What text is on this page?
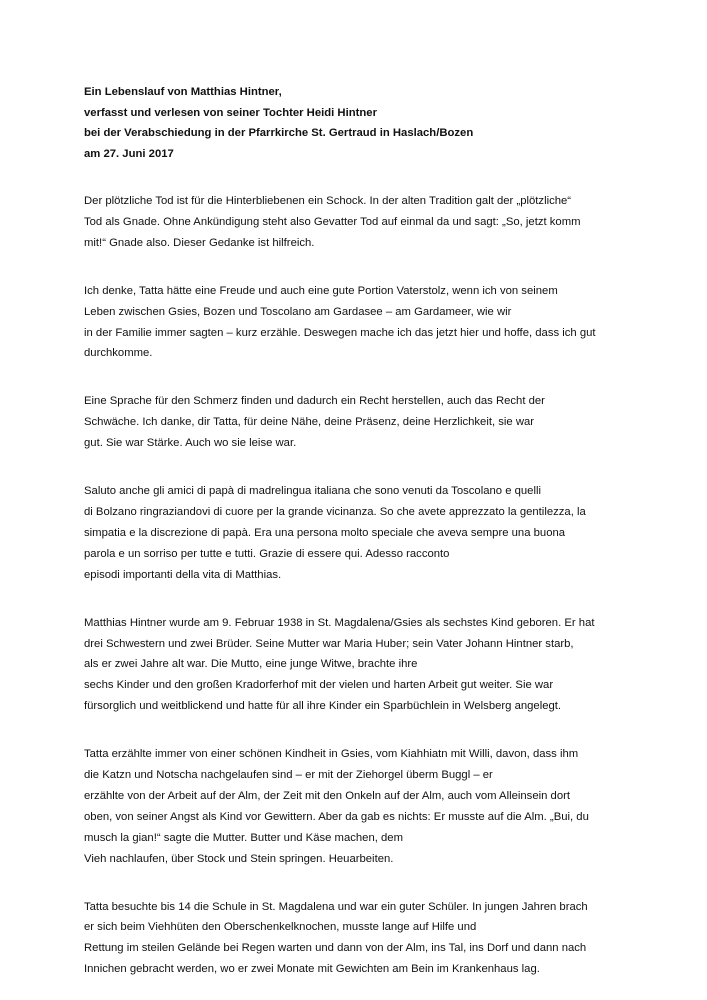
Ein Lebenslauf von Matthias Hintner,
verfasst und verlesen von seiner Tochter Heidi Hintner
bei der Verabschiedung in der Pfarrkirche St. Gertraud in Haslach/Bozen
am 27. Juni 2017
Der plötzliche Tod ist für die Hinterbliebenen ein Schock. In der alten Tradition galt der „plötzliche“
Tod als Gnade. Ohne Ankündigung steht also Gevatter Tod auf einmal da und sagt: „So, jetzt komm
mit!“ Gnade also. Dieser Gedanke ist hilfreich.
Ich denke, Tatta hätte eine Freude und auch eine gute Portion Vaterstolz, wenn ich von seinem
Leben zwischen Gsies, Bozen und Toscolano am Gardasee – am Gardameer, wie wir
in der Familie immer sagten – kurz erzähle. Deswegen mache ich das jetzt hier und hoffe, dass ich gut
durchkomme.
Eine Sprache für den Schmerz finden und dadurch ein Recht herstellen, auch das Recht der
Schwäche. Ich danke, dir Tatta, für deine Nähe, deine Präsenz, deine Herzlichkeit, sie war
gut. Sie war Stärke. Auch wo sie leise war.
Saluto anche gli amici di papà di madrelingua italiana che sono venuti da Toscolano e quelli
di Bolzano ringraziandovi di cuore per la grande vicinanza. So che avete apprezzato la gentilezza, la
simpatia e la discrezione di papà. Era una persona molto speciale che aveva sempre una buona
parola e un sorriso per tutte e tutti. Grazie di essere qui. Adesso racconto
episodi importanti della vita di Matthias.
Matthias Hintner wurde am 9. Februar 1938 in St. Magdalena/Gsies als sechstes Kind geboren. Er hat
drei Schwestern und zwei Brüder. Seine Mutter war Maria Huber; sein Vater Johann Hintner starb,
als er zwei Jahre alt war. Die Mutto, eine junge Witwe, brachte ihre
sechs Kinder und den großen Kradorferhof mit der vielen und harten Arbeit gut weiter. Sie war
fürsorglich und weitblickend und hatte für all ihre Kinder ein Sparbüchlein in Welsberg angelegt.
Tatta erzählte immer von einer schönen Kindheit in Gsies, vom Kiahhiatn mit Willi, davon, dass ihm
die Katzn und Notscha nachgelaufen sind – er mit der Ziehorgel überm Buggl – er
erzählte von der Arbeit auf der Alm, der Zeit mit den Onkeln auf der Alm, auch vom Alleinsein dort
oben, von seiner Angst als Kind vor Gewittern. Aber da gab es nichts: Er musste auf die Alm. „Bui, du
musch la gian!“ sagte die Mutter. Butter und Käse machen, dem
Vieh nachlaufen, über Stock und Stein springen. Heuarbeiten.
Tatta besuchte bis 14 die Schule in St. Magdalena und war ein guter Schüler. In jungen Jahren brach
er sich beim Viehhüten den Oberschenkelknochen, musste lange auf Hilfe und
Rettung im steilen Gelände bei Regen warten und dann von der Alm, ins Tal, ins Dorf und dann nach
Innichen gebracht werden, wo er zwei Monate mit Gewichten am Bein im Krankenhaus lag.
